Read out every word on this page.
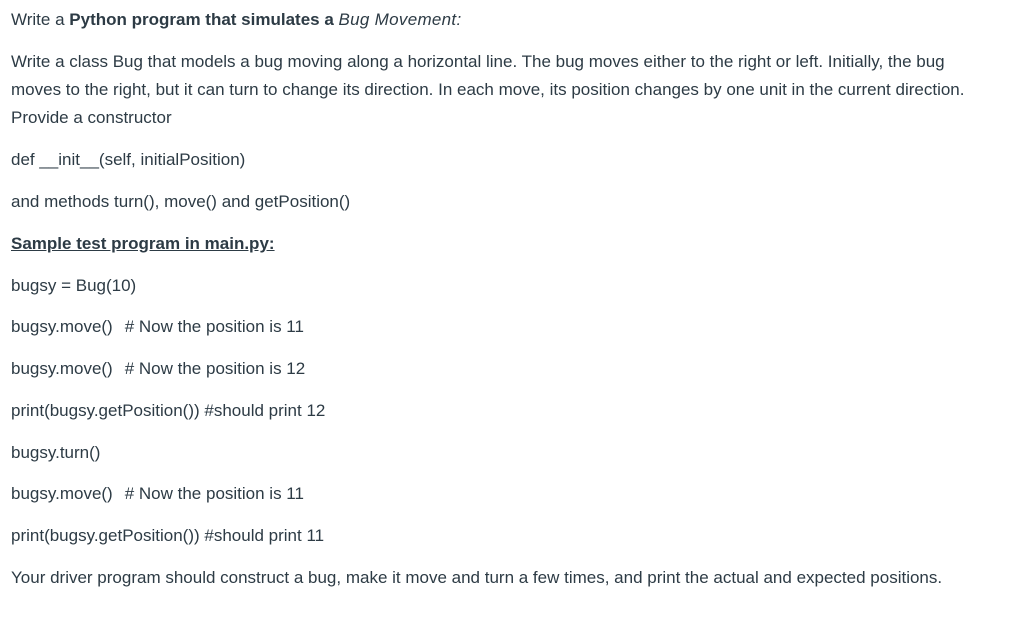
Write a Python program that simulates a Bug Movement:
Write a class Bug that models a bug moving along a horizontal line. The bug moves either to the right or left. Initially, the bug moves to the right, but it can turn to change its direction. In each move, its position changes by one unit in the current direction. Provide a constructor
def __init__(self, initialPosition)
and methods turn(), move() and getPosition()
Sample test program in main.py:
bugsy = Bug(10)
bugsy.move() # Now the position is 11
bugsy.move() # Now the position is 12
print(bugsy.getPosition()) #should print 12
bugsy.turn()
bugsy.move() # Now the position is 11
print(bugsy.getPosition()) #should print 11
Your driver program should construct a bug, make it move and turn a few times, and print the actual and expected positions.
